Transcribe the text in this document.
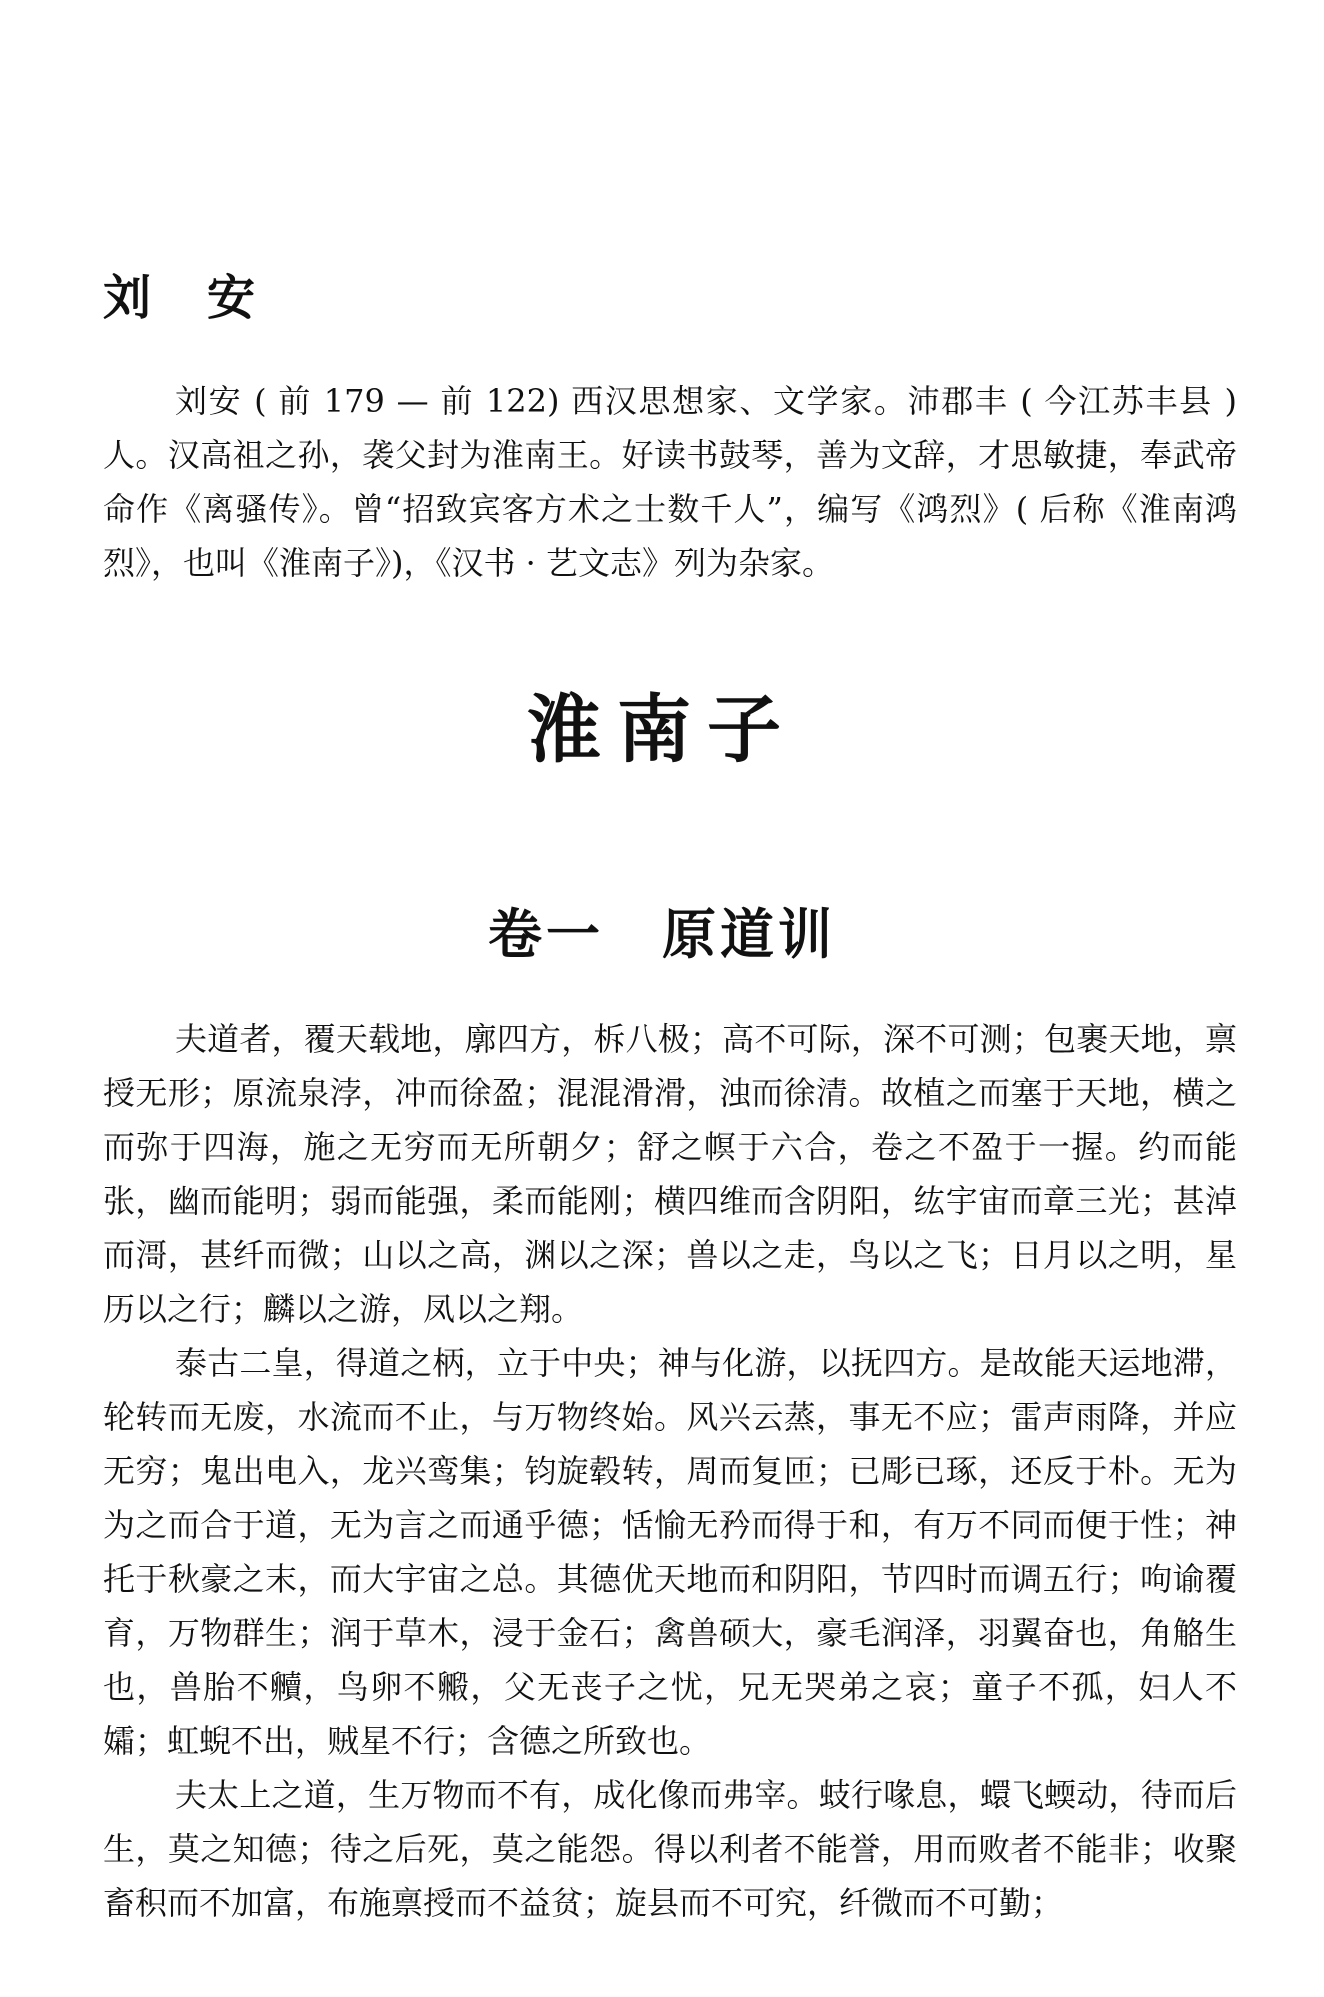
刘安

刘安 ( 前 179 — 前 122) 西汉思想家、文学家。沛郡丰 ( 今江苏丰县 ) 人。汉高祖之孙，袭父封为淮南王。好读书鼓琴，善为文辞，才思敏捷，奉武帝命作《离骚传》。曾“招致宾客方术之士数千人”，编写《鸿烈》( 后称《淮南鸿烈》，也叫《淮南子》)，《汉书 · 艺文志》列为杂家。

淮南子
卷一　原道训

夫道者，覆天载地，廓四方，柝八极；高不可际，深不可测；包裹天地，禀授无形；原流泉浡，冲而徐盈；混混滑滑，浊而徐清。故植之而塞于天地，横之而弥于四海，施之无穷而无所朝夕；舒之幎于六合，卷之不盈于一握。约而能张，幽而能明；弱而能强，柔而能刚；横四维而含阴阳，纮宇宙而章三光；甚淖而滒，甚纤而微；山以之高，渊以之深；兽以之走，鸟以之飞；日月以之明，星历以之行；麟以之游，凤以之翔。

泰古二皇，得道之柄，立于中央；神与化游，以抚四方。是故能天运地滞，轮转而无废，水流而不止，与万物终始。风兴云蒸，事无不应；雷声雨降，并应无穷；鬼出电入，龙兴鸾集；钧旋毂转，周而复匝；已彫已琢，还反于朴。无为为之而合于道，无为言之而通乎德；恬愉无矜而得于和，有万不同而便于性；神托于秋豪之末，而大宇宙之总。其德优天地而和阴阳，节四时而调五行；呴谕覆育，万物群生；润于草木，浸于金石；禽兽硕大，豪毛润泽，羽翼奋也，角觡生也，兽胎不贕，鸟卵不毈，父无丧子之忧，兄无哭弟之哀；童子不孤，妇人不孀；虹蜺不出，贼星不行；含德之所致也。

夫太上之道，生万物而不有，成化像而弗宰。蚑行喙息，蠉飞蝡动，待而后生，莫之知德；待之后死，莫之能怨。得以利者不能誉，用而败者不能非；收聚畜积而不加富，布施禀授而不益贫；旋县而不可究，纤微而不可勤；
